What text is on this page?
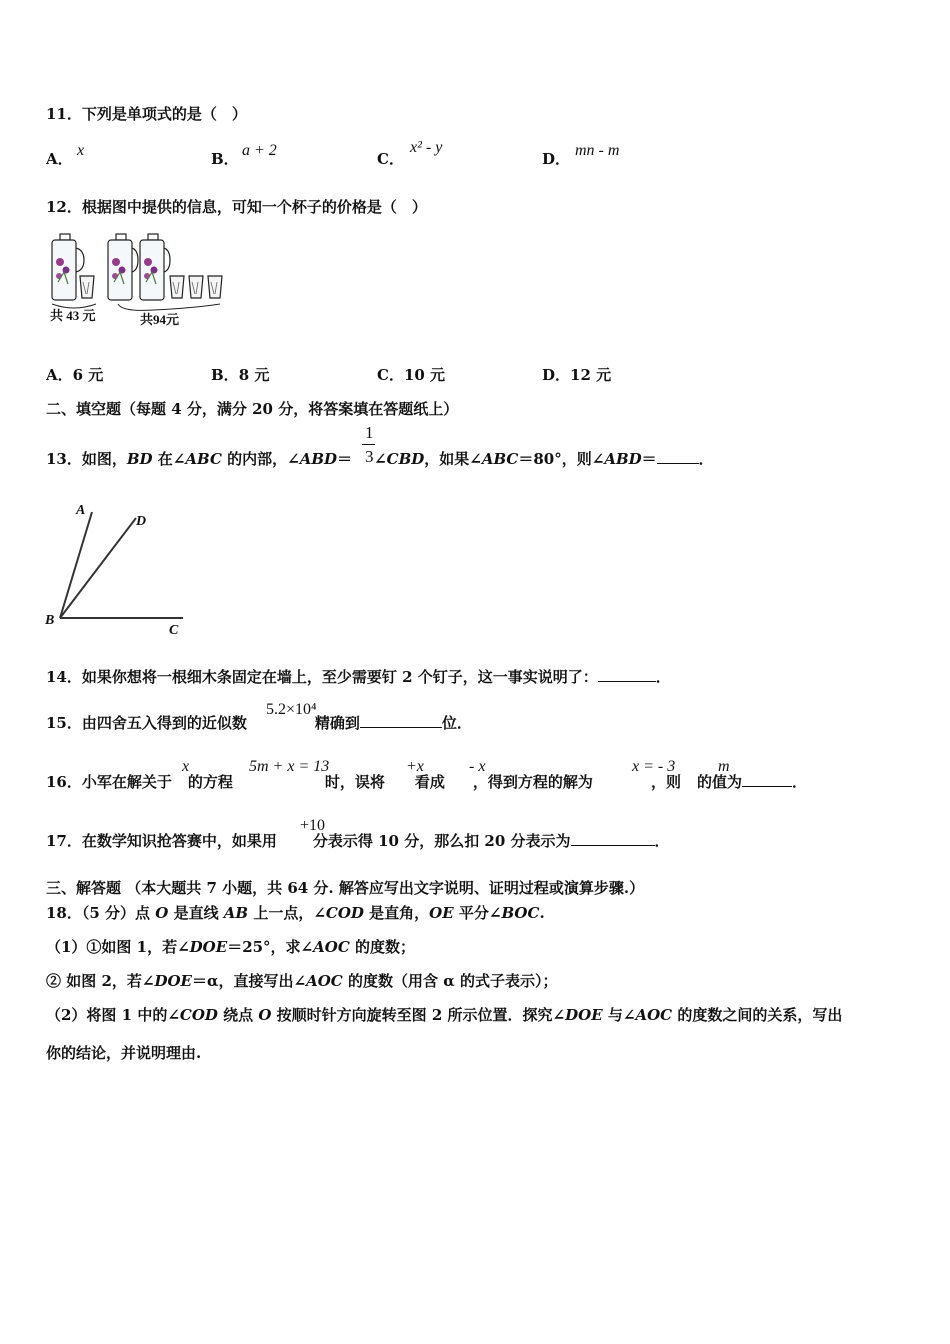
11．下列是单项式的是（　）
A． x	B． a + 2	C．
x² - y
D． mn - m
12．根据图中提供的信息，可知一个杯子的价格是（　）
共 43 元	共94元
A．6 元	B．8 元	C．10 元	D．12 元
二、填空题（每题 4 分，满分 20 分，将答案填在答题纸上）
13．如图，BD 在∠ABC 的内部，∠ABD＝ ∠CBD，如果∠ABC＝80°，则∠ABD＝	．
1
3
A
D
B
C
14．如果你想将一根细木条固定在墙上，至少需要钉 2 个钉子，这一事实说明了：	．
15．由四舍五入得到的近似数	精确到	位．
5.2×10⁴
16．小军在解关于 的方程	时，误将 看成 ，得到方程的解为	，则 的值为	．
x	5m + x = 13	+x	- x	x = - 3	m
17．在数学知识抢答赛中，如果用 分表示得 10 分，那么扣 20 分表示为	．
+10
三、解答题 （本大题共 7 小题，共 64 分. 解答应写出文字说明、证明过程或演算步骤.）
18．（5 分）点 O 是直线 AB 上一点，∠COD 是直角，OE 平分∠BOC.
（1）①如图 1，若∠DOE＝25°，求∠AOC 的度数；
② 如图 2，若∠DOE＝α，直接写出∠AOC 的度数（用含 α 的式子表示）；
（2）将图 1 中的∠COD 绕点 O 按顺时针方向旋转至图 2 所示位置．探究∠DOE 与∠AOC 的度数之间的关系，写出
你的结论，并说明理由.
